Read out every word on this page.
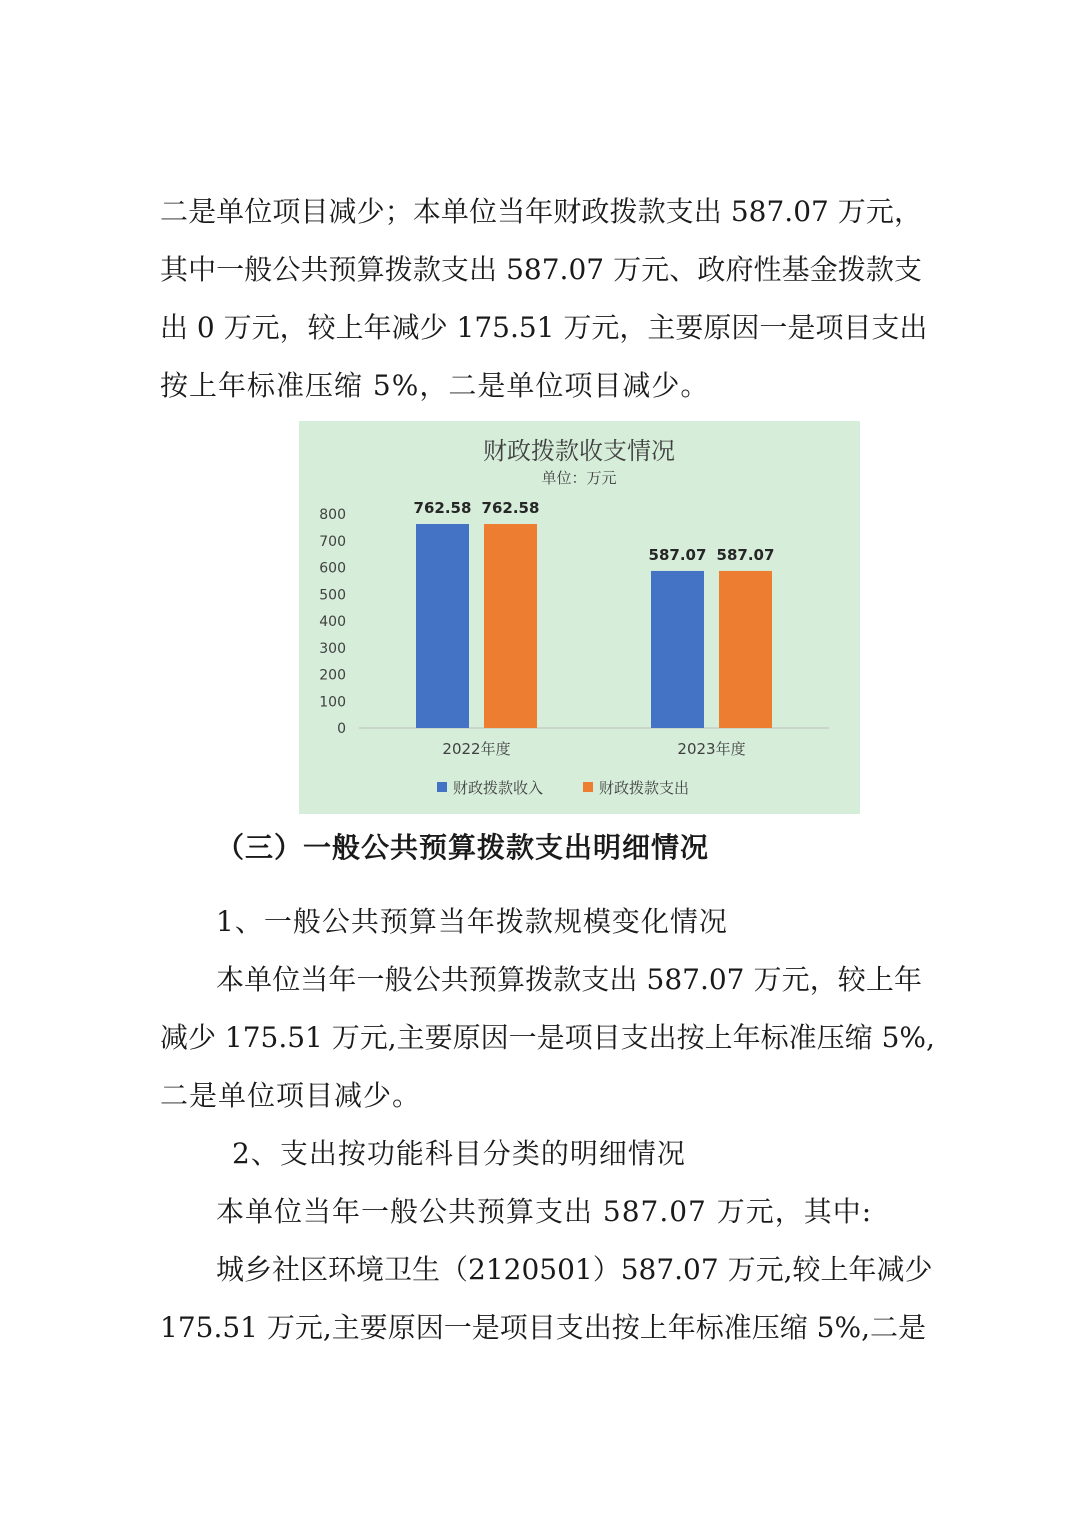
二是单位项目减少；本单位当年财政拨款支出 587.07 万元，
其中一般公共预算拨款支出 587.07 万元、政府性基金拨款支
出 0 万元，较上年减少 175.51 万元，主要原因一是项目支出
按上年标准压缩 5%，二是单位项目减少。
财政拨款收支情况
单位：万元
0
100
200
300
400
500
600
700
800	762.58 762.58
2022年度
587.07 587.07
2023年度
财政拨款收入	财政拨款支出
（三）一般公共预算拨款支出明细情况
1、一般公共预算当年拨款规模变化情况
本单位当年一般公共预算拨款支出 587.07 万元，较上年
减少 175.51 万元,主要原因一是项目支出按上年标准压缩 5%,
二是单位项目减少。
2、支出按功能科目分类的明细情况
本单位当年一般公共预算支出 587.07 万元，其中:
城乡社区环境卫生（2120501）587.07 万元,较上年减少
175.51 万元,主要原因一是项目支出按上年标准压缩 5%,二是
